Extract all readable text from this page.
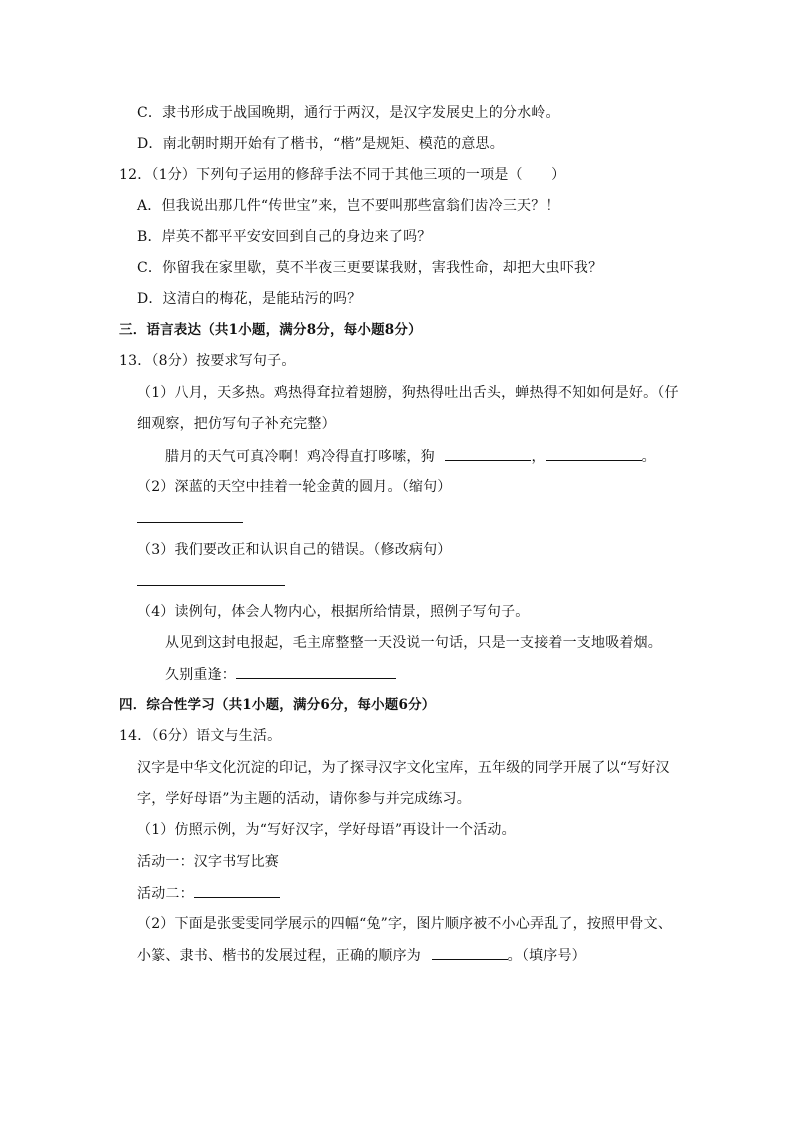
C．隶书形成于战国晚期，通行于两汉，是汉字发展史上的分水岭。
D．南北朝时期开始有了楷书，“楷”是规矩、模范的意思。
12．（1分）下列句子运用的修辞手法不同于其他三项的一项是（　　）
A．但我说出那几件“传世宝”来，岂不要叫那些富翁们齿冷三天？！
B．岸英不都平平安安回到自己的身边来了吗？
C．你留我在家里歇，莫不半夜三更要谋我财，害我性命，却把大虫吓我？
D．这清白的梅花，是能玷污的吗？
三．语言表达（共1小题，满分8分，每小题8分）
13．（8分）按要求写句子。
（1）八月，天多热。鸡热得耷拉着翅膀，狗热得吐出舌头，蝉热得不知如何是好。（仔
细观察，把仿写句子补充完整）
腊月的天气可真冷啊！鸡冷得直打哆嗦，狗	，	。
（2）深蓝的天空中挂着一轮金黄的圆月。（缩句）
（3）我们要改正和认识自己的错误。（修改病句）
（4）读例句，体会人物内心，根据所给情景，照例子写句子。
从见到这封电报起，毛主席整整一天没说一句话，只是一支接着一支地吸着烟。
久别重逢：
四．综合性学习（共1小题，满分6分，每小题6分）
14．（6分）语文与生活。
汉字是中华文化沉淀的印记，为了探寻汉字文化宝库，五年级的同学开展了以“写好汉
字，学好母语”为主题的活动，请你参与并完成练习。
（1）仿照示例，为“写好汉字，学好母语”再设计一个活动。
活动一：汉字书写比赛
活动二：
（2）下面是张雯雯同学展示的四幅“兔”字，图片顺序被不小心弄乱了，按照甲骨文、
小篆、隶书、楷书的发展过程，正确的顺序为	。（填序号）
